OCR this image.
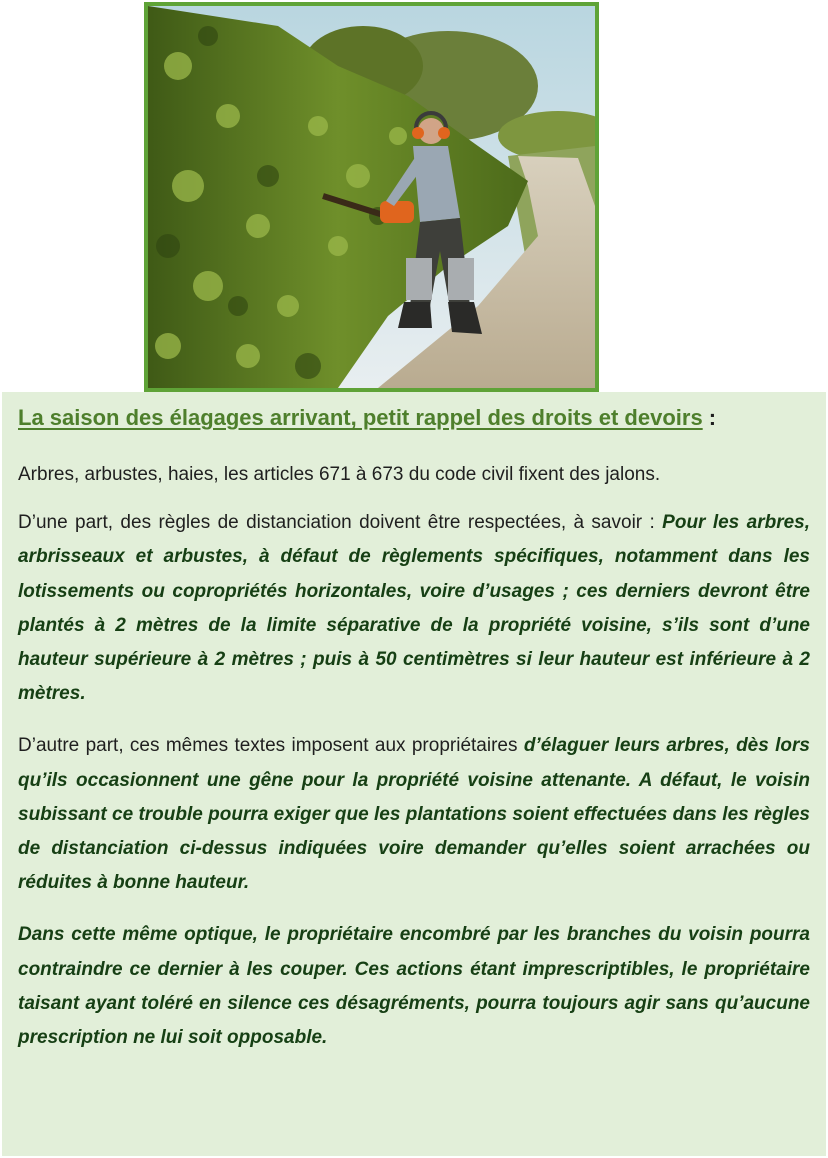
La saison des élagages arrivant, petit rappel des droits et devoirs :

Arbres, arbustes, haies, les articles 671 à 673 du code civil fixent des jalons.

D’une part, des règles de distanciation doivent être respectées, à savoir : Pour les arbres, arbrisseaux et arbustes, à défaut de règlements spécifiques, notamment dans les lotissements ou copropriétés horizontales, voire d’usages ; ces derniers devront être plantés à 2 mètres de la limite séparative de la propriété voisine, s’ils sont d’une hauteur supérieure à 2 mètres ; puis à 50 centimètres si leur hauteur est inférieure à 2 mètres.

D’autre part, ces mêmes textes imposent aux propriétaires d’élaguer leurs arbres, dès lors qu’ils occasionnent une gêne pour la propriété voisine attenante. A défaut, le voisin subissant ce trouble pourra exiger que les plantations soient effectuées dans les règles de distanciation ci-dessus indiquées voire demander qu’elles soient arrachées ou réduites à bonne hauteur.

Dans cette même optique, le propriétaire encombré par les branches du voisin pourra contraindre ce dernier à les couper. Ces actions étant imprescriptibles, le propriétaire taisant ayant toléré en silence ces désagréments, pourra toujours agir sans qu’aucune prescription ne lui soit opposable.
